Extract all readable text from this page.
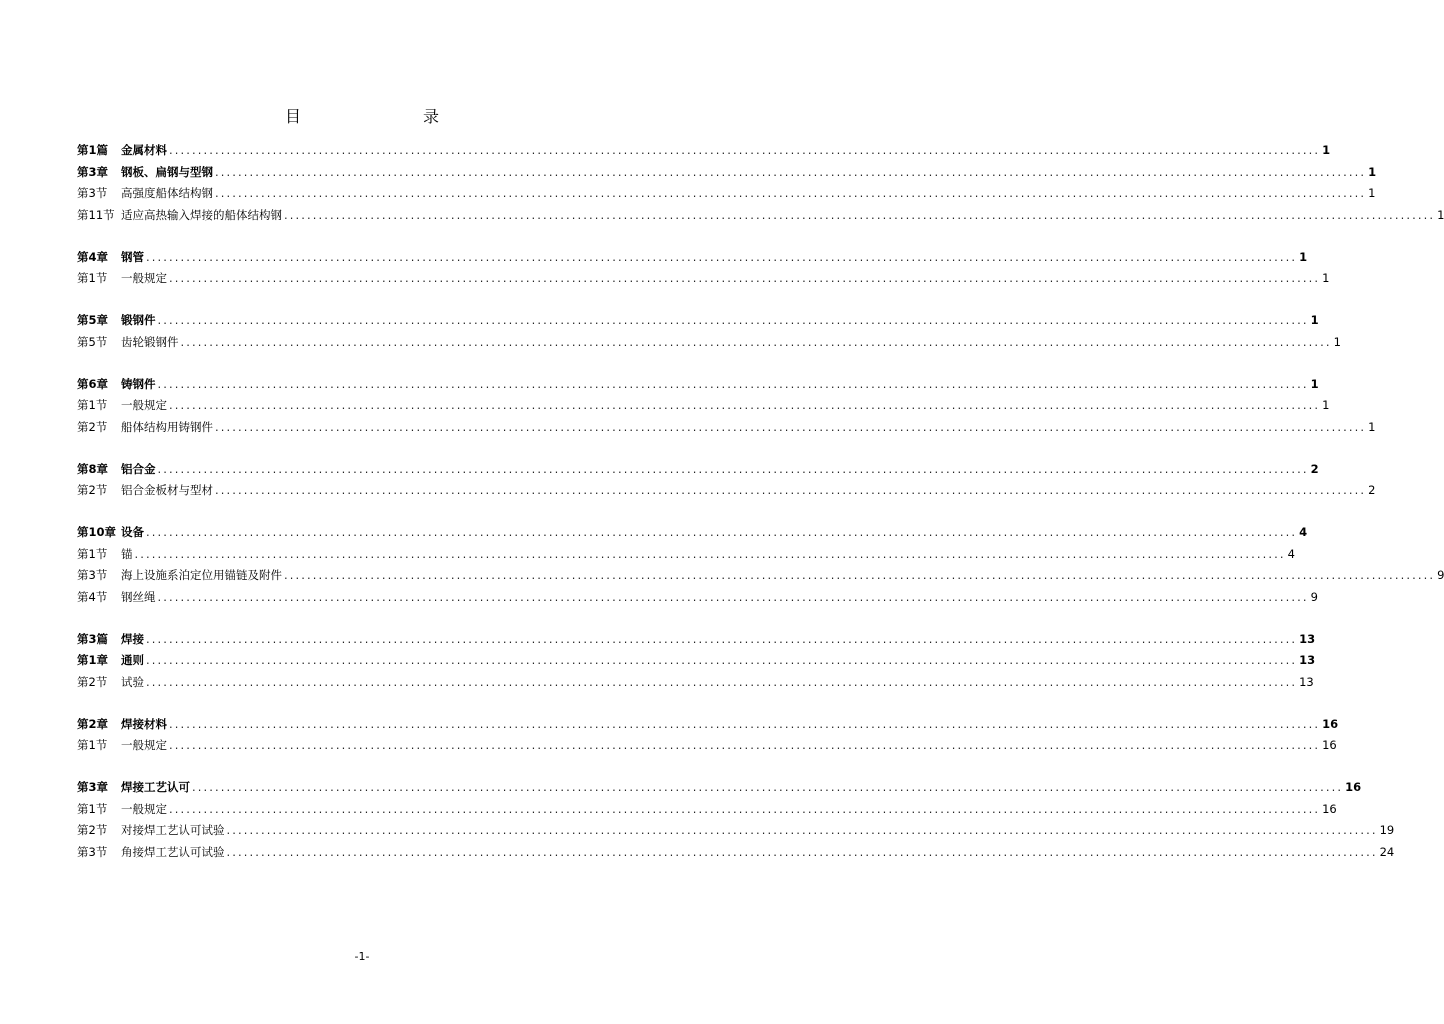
目　　录
第1篇	金属材料 ........................................................................................................................................................................................................ 1
第3章	钢板、扁钢与型钢 ........................................................................................................................................................................................................ 1
第3节	高强度船体结构钢 ........................................................................................................................................................................................................ 1
第11节 适应高热输入焊接的船体结构钢 ........................................................................................................................................................................................................ 1
第4章	钢管 ........................................................................................................................................................................................................ 1
第1节	一般规定 ........................................................................................................................................................................................................ 1
第5章	锻钢件 ........................................................................................................................................................................................................ 1
第5节	齿轮锻钢件 ........................................................................................................................................................................................................ 1
第6章	铸钢件 ........................................................................................................................................................................................................ 1
第1节	一般规定 ........................................................................................................................................................................................................ 1
第2节	船体结构用铸钢件 ........................................................................................................................................................................................................ 1
第8章	铝合金 ........................................................................................................................................................................................................ 2
第2节	铝合金板材与型材 ........................................................................................................................................................................................................ 2
第10章 设备 ........................................................................................................................................................................................................ 4
第1节	锚 ........................................................................................................................................................................................................ 4
第3节	海上设施系泊定位用锚链及附件 ........................................................................................................................................................................................................ 9
第4节	钢丝绳 ........................................................................................................................................................................................................ 9
第3篇	焊接 ........................................................................................................................................................................................................ 13
第1章	通则 ........................................................................................................................................................................................................ 13
第2节	试验 ........................................................................................................................................................................................................ 13
第2章	焊接材料 ........................................................................................................................................................................................................ 16
第1节	一般规定 ........................................................................................................................................................................................................ 16
第3章	焊接工艺认可 ........................................................................................................................................................................................................ 16
第1节	一般规定 ........................................................................................................................................................................................................ 16
第2节	对接焊工艺认可试验 ........................................................................................................................................................................................................ 19
第3节	角接焊工艺认可试验 ........................................................................................................................................................................................................ 24
-1-
